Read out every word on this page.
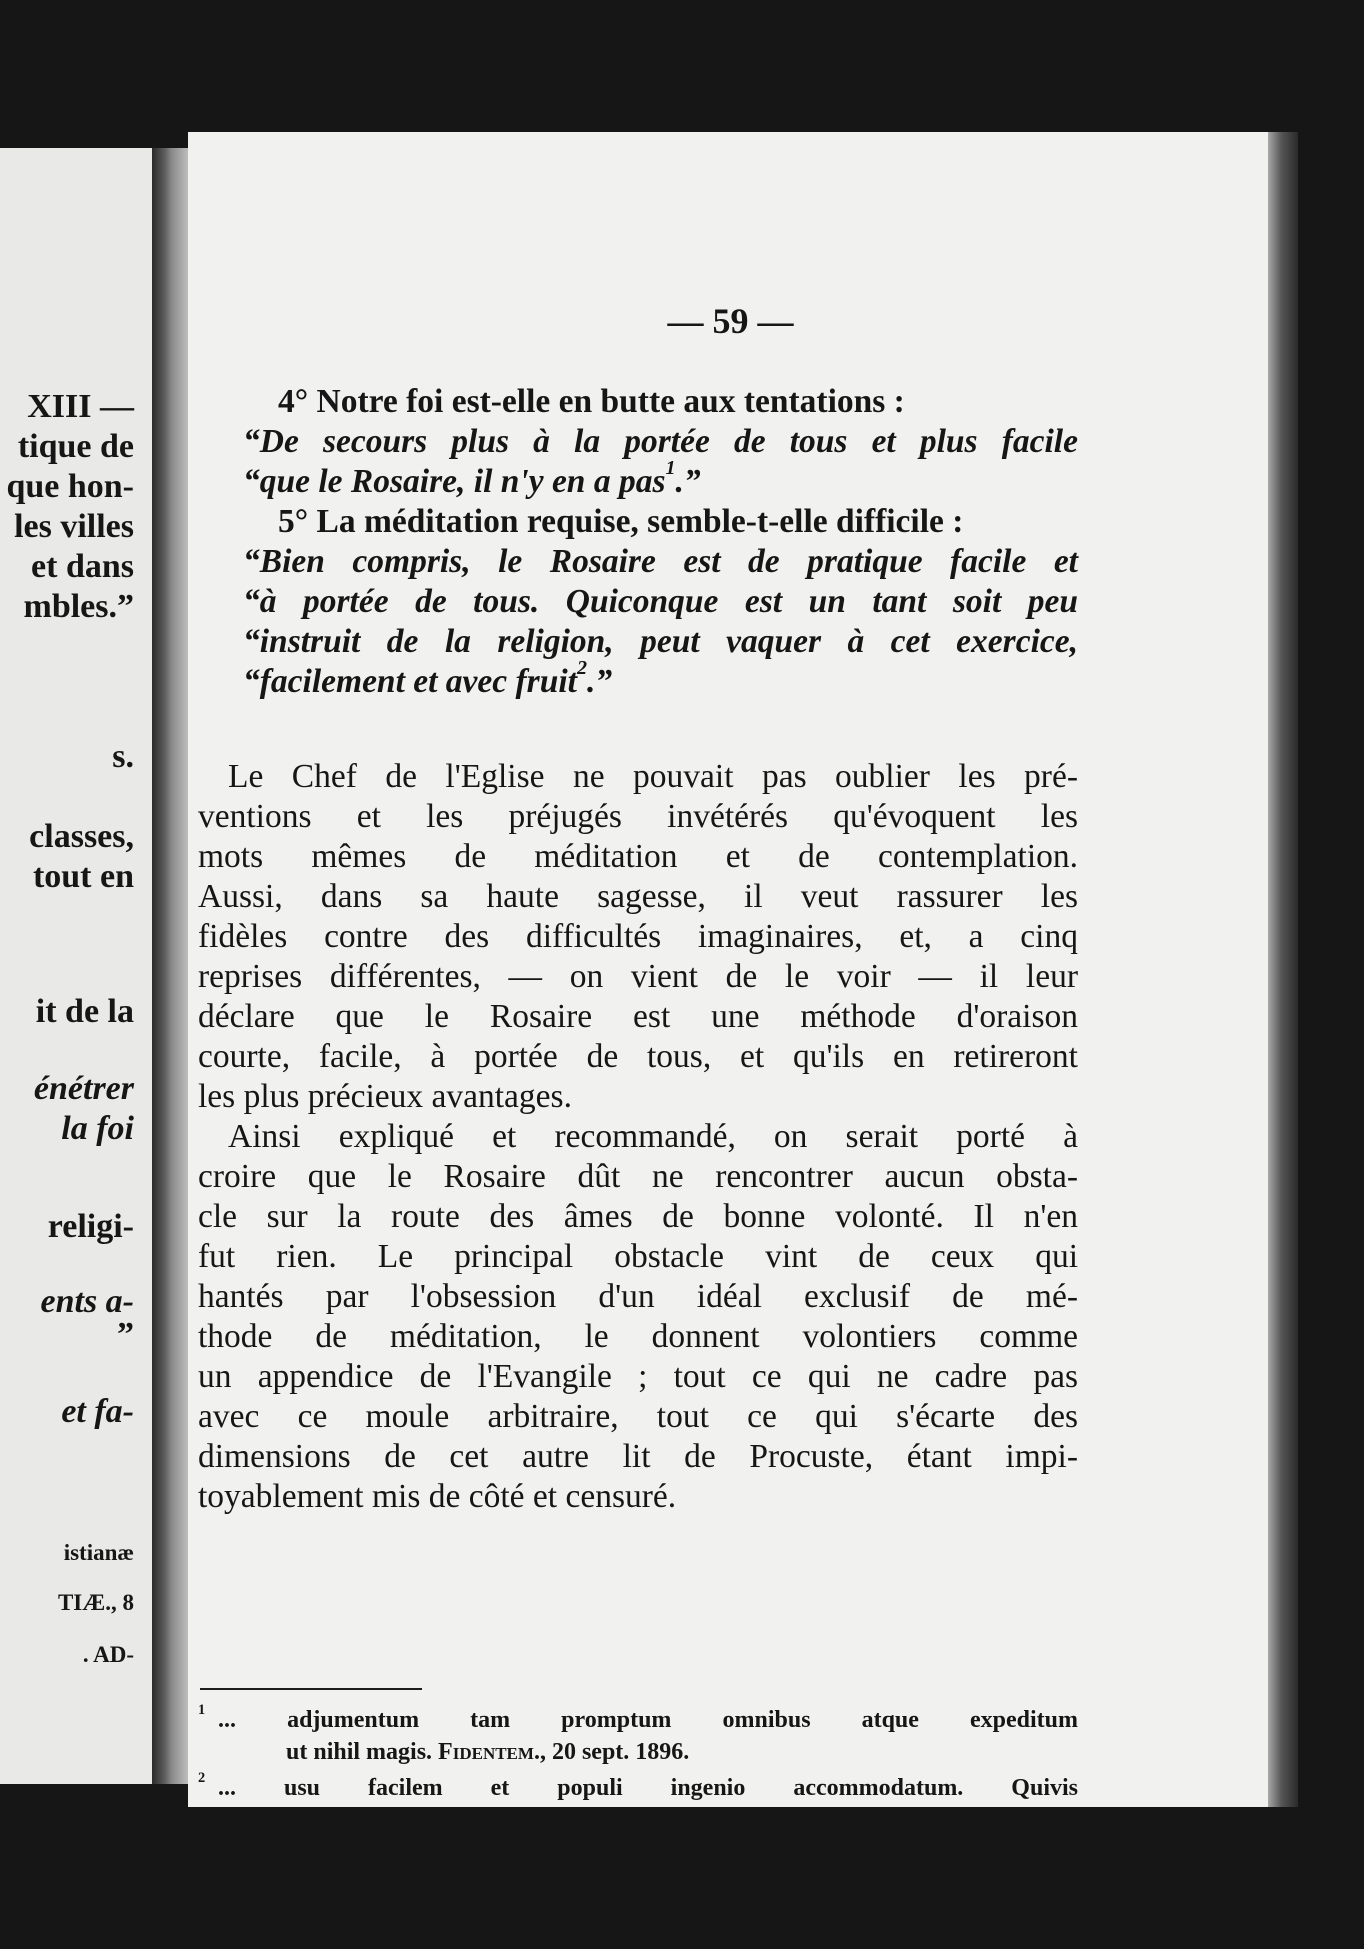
XIII —
tique de
que hon-
les villes
et dans
mbles.”
s.
classes,
tout en
it de la
énétrer
la foi
religi-
ents a-
”
et fa-
istianæ
TIÆ., 8
. AD-
— 59 —
4° Notre foi est-elle en butte aux tentations :
“De secours plus à la portée de tous et plus facile
“que le Rosaire, il n'y en a pas$^1$.”
5° La méditation requise, semble-t-elle difficile :
“Bien compris, le Rosaire est de pratique facile et
“à portée de tous. Quiconque est un tant soit peu
“instruit de la religion, peut vaquer à cet exercice,
“facilement et avec fruit$^2$.”
Le Chef de l'Eglise ne pouvait pas oublier les pré-
ventions et les préjugés invétérés qu'évoquent les
mots mêmes de méditation et de contemplation.
Aussi, dans sa haute sagesse, il veut rassurer les
fidèles contre des difficultés imaginaires, et, a cinq
reprises différentes, — on vient de le voir — il leur
déclare que le Rosaire est une méthode d'oraison
courte, facile, à portée de tous, et qu'ils en retireront
les plus précieux avantages.
Ainsi expliqué et recommandé, on serait porté à
croire que le Rosaire dût ne rencontrer aucun obsta-
cle sur la route des âmes de bonne volonté. Il n'en
fut rien. Le principal obstacle vint de ceux qui
hantés par l'obsession d'un idéal exclusif de mé-
thode de méditation, le donnent volontiers comme
un appendice de l'Evangile ; tout ce qui ne cadre pas
avec ce moule arbitraire, tout ce qui s'écarte des
dimensions de cet autre lit de Procuste, étant impi-
toyablement mis de côté et censuré.
$^1$ ... adjumentum tam promptum omnibus atque expeditum
ut nihil magis. Fidentem., 20 sept. 1896.
$^2$ ... usu facilem et populi ingenio accommodatum. Quivis
enim religione vel mediocriter instructus eo facilè uti
et cum fructu potest. Diuturni., 5 sept. 1898.
